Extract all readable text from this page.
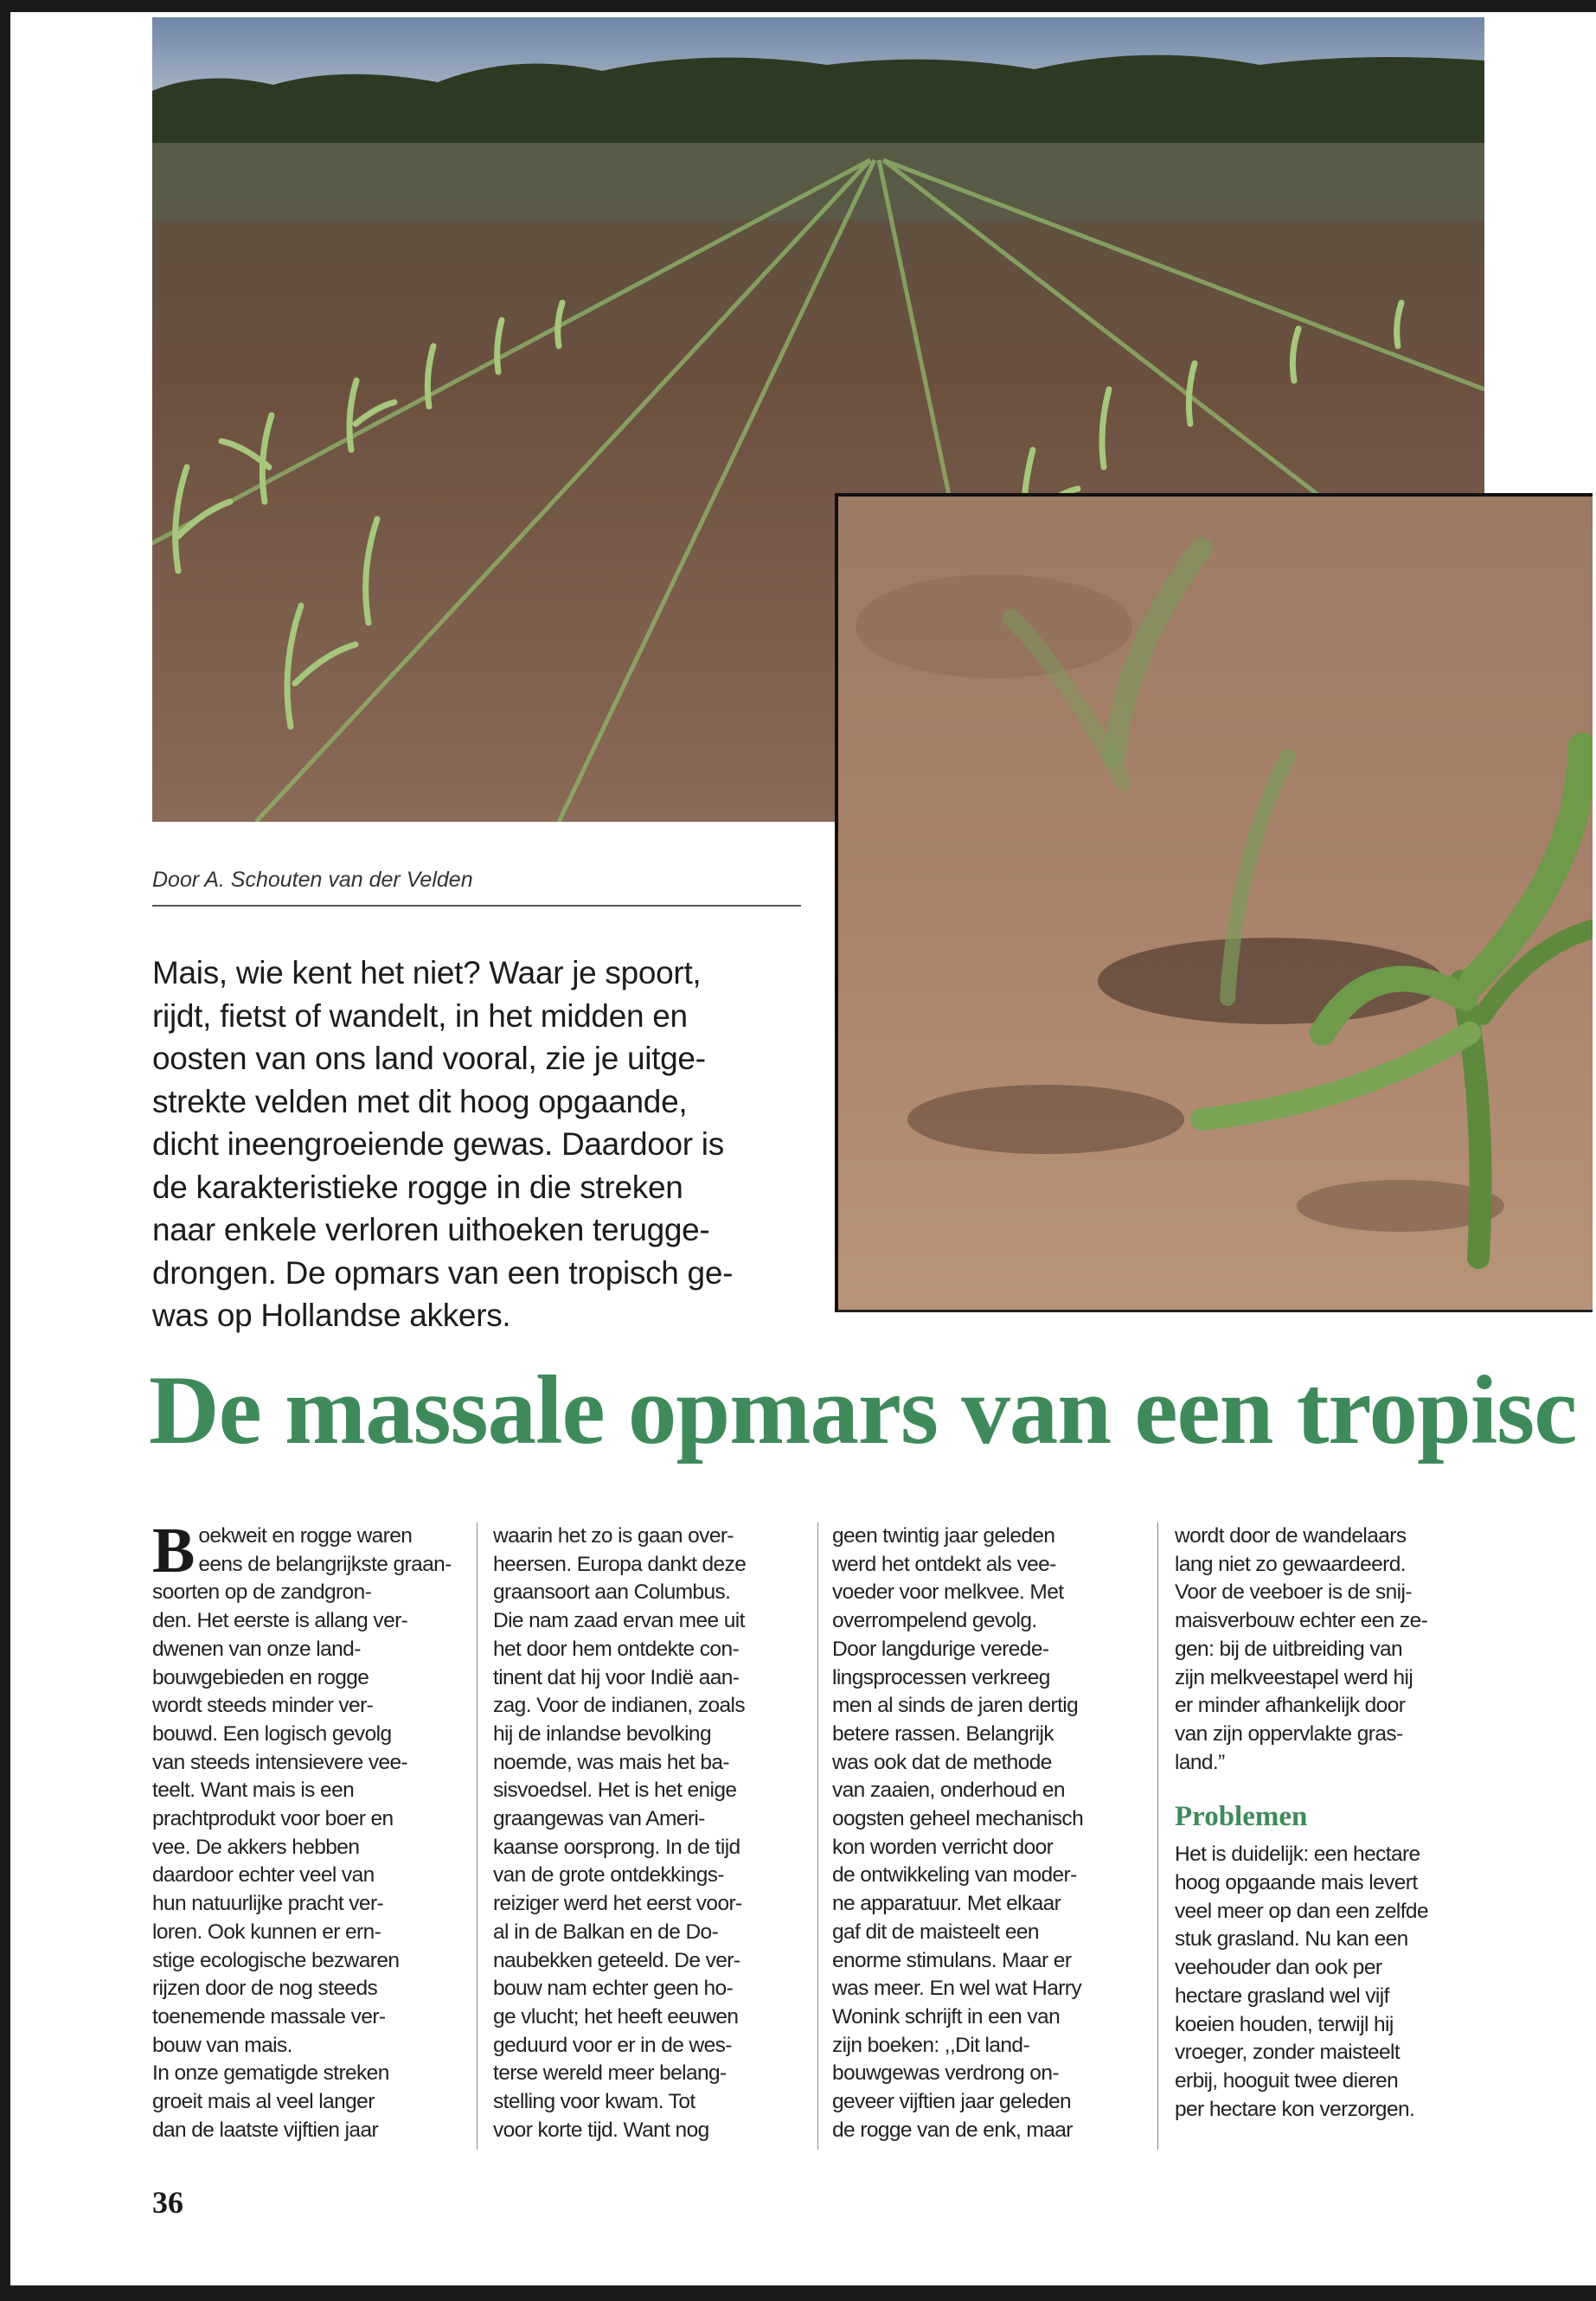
Door A. Schouten van der Velden
Mais, wie kent het niet? Waar je spoort,
rijdt, fietst of wandelt, in het midden en
oosten van ons land vooral, zie je uitge-
strekte velden met dit hoog opgaande,
dicht ineengroeiende gewas. Daardoor is
de karakteristieke rogge in die streken
naar enkele verloren uithoeken terugge-
drongen. De opmars van een tropisch ge-
was op Hollandse akkers.
De massale opmars van een tropisc
B oekweit en rogge waren
eens de belangrijkste graan-
soorten op de zandgron-
den. Het eerste is allang ver-
dwenen van onze land-
bouwgebieden en rogge
wordt steeds minder ver-
bouwd. Een logisch gevolg
van steeds intensievere vee-
teelt. Want mais is een
prachtprodukt voor boer en
vee. De akkers hebben
daardoor echter veel van
hun natuurlijke pracht ver-
loren. Ook kunnen er ern-
stige ecologische bezwaren
rijzen door de nog steeds
toenemende massale ver-
bouw van mais.
In onze gematigde streken
groeit mais al veel langer
dan de laatste vijftien jaar
waarin het zo is gaan over-
heersen. Europa dankt deze
graansoort aan Columbus.
Die nam zaad ervan mee uit
het door hem ontdekte con-
tinent dat hij voor Indië aan-
zag. Voor de indianen, zoals
hij de inlandse bevolking
noemde, was mais het ba-
sisvoedsel. Het is het enige
graangewas van Ameri-
kaanse oorsprong. In de tijd
van de grote ontdekkings-
reiziger werd het eerst voor-
al in de Balkan en de Do-
naubekken geteeld. De ver-
bouw nam echter geen ho-
ge vlucht; het heeft eeuwen
geduurd voor er in de wes-
terse wereld meer belang-
stelling voor kwam. Tot
voor korte tijd. Want nog
geen twintig jaar geleden
werd het ontdekt als vee-
voeder voor melkvee. Met
overrompelend gevolg.
Door langdurige verede-
lingsprocessen verkreeg
men al sinds de jaren dertig
betere rassen. Belangrijk
was ook dat de methode
van zaaien, onderhoud en
oogsten geheel mechanisch
kon worden verricht door
de ontwikkeling van moder-
ne apparatuur. Met elkaar
gaf dit de maisteelt een
enorme stimulans. Maar er
was meer. En wel wat Harry
Wonink schrijft in een van
zijn boeken: ,,Dit land-
bouwgewas verdrong on-
geveer vijftien jaar geleden
de rogge van de enk, maar
wordt door de wandelaars
lang niet zo gewaardeerd.
Voor de veeboer is de snij-
maisverbouw echter een ze-
gen: bij de uitbreiding van
zijn melkveestapel werd hij
er minder afhankelijk door
van zijn oppervlakte gras-
land.”
Problemen
Het is duidelijk: een hectare
hoog opgaande mais levert
veel meer op dan een zelfde
stuk grasland. Nu kan een
veehouder dan ook per
hectare grasland wel vijf
koeien houden, terwijl hij
vroeger, zonder maisteelt
erbij, hooguit twee dieren
per hectare kon verzorgen.
36
